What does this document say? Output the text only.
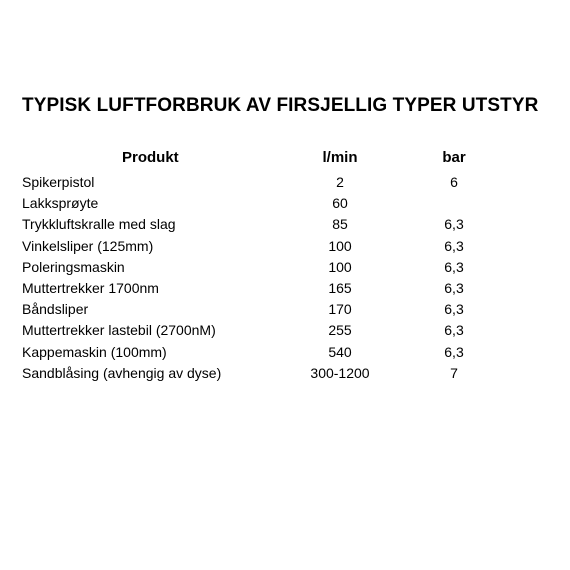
TYPISK LUFTFORBRUK AV FIRSJELLIG TYPER UTSTYR
Produkt	l/min	bar
Spikerpistol	2	6
Lakksprøyte	60
Trykkluftskralle med slag	85	6,3
Vinkelsliper (125mm)	100	6,3
Poleringsmaskin	100	6,3
Muttertrekker 1700nm	165	6,3
Båndsliper	170	6,3
Muttertrekker lastebil (2700nM)	255	6,3
Kappemaskin (100mm)	540	6,3
Sandblåsing (avhengig av dyse)	300-1200	7
